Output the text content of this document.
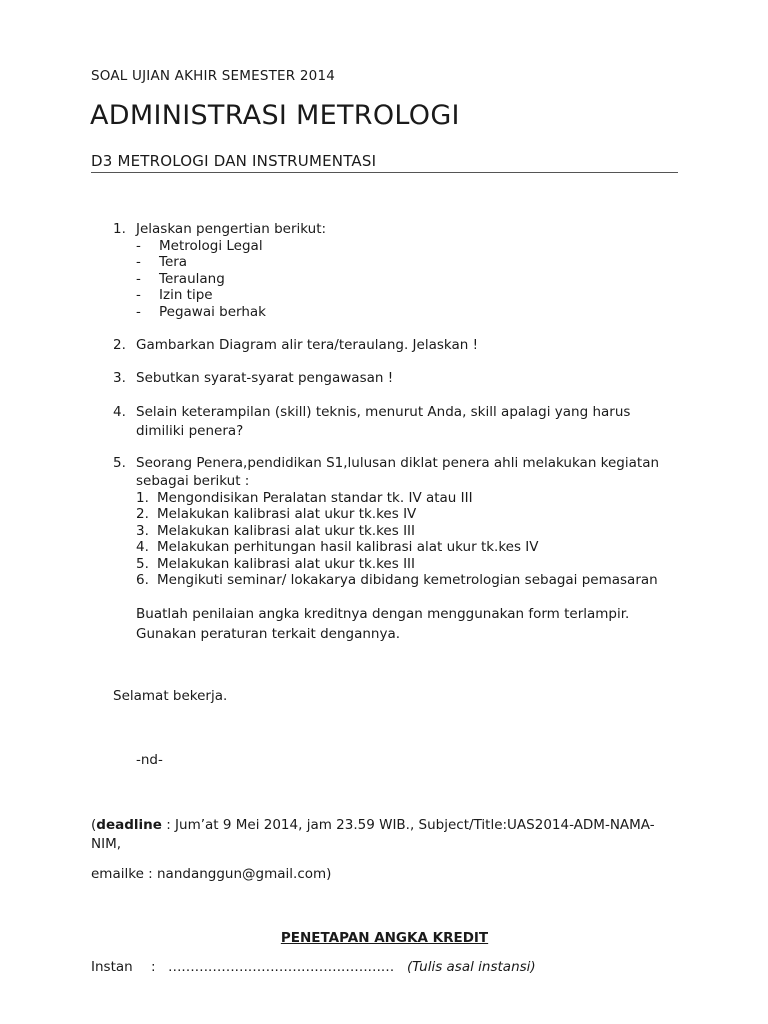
SOAL UJIAN AKHIR SEMESTER 2014
ADMINISTRASI METROLOGI
D3 METROLOGI DAN INSTRUMENTASI
1. Jelaskan pengertian berikut:
- Metrologi Legal
- Tera
- Teraulang
- Izin tipe
- Pegawai berhak
2. Gambarkan Diagram alir tera/teraulang. Jelaskan !
3. Sebutkan syarat-syarat pengawasan !
4. Selain keterampilan (skill) teknis, menurut Anda, skill apalagi yang harus
dimiliki penera?
5. Seorang Penera,pendidikan S1,lulusan diklat penera ahli melakukan kegiatan
sebagai berikut :
1. Mengondisikan Peralatan standar tk. IV atau III
2. Melakukan kalibrasi alat ukur tk.kes IV
3. Melakukan kalibrasi alat ukur tk.kes III
4. Melakukan perhitungan hasil kalibrasi alat ukur tk.kes IV
5. Melakukan kalibrasi alat ukur tk.kes III
6. Mengikuti seminar/ lokakarya dibidang kemetrologian sebagai pemasaran
Buatlah penilaian angka kreditnya dengan menggunakan form terlampir.
Gunakan peraturan terkait dengannya.
Selamat bekerja.
-nd-
(deadline : Jum’at 9 Mei 2014, jam 23.59 WIB., Subject/Title:UAS2014-ADM-NAMA-
NIM,
emailke : nandanggun@gmail.com)
PENETAPAN ANGKA KREDIT
Instan : …………………………………………… (Tulis asal instansi)
